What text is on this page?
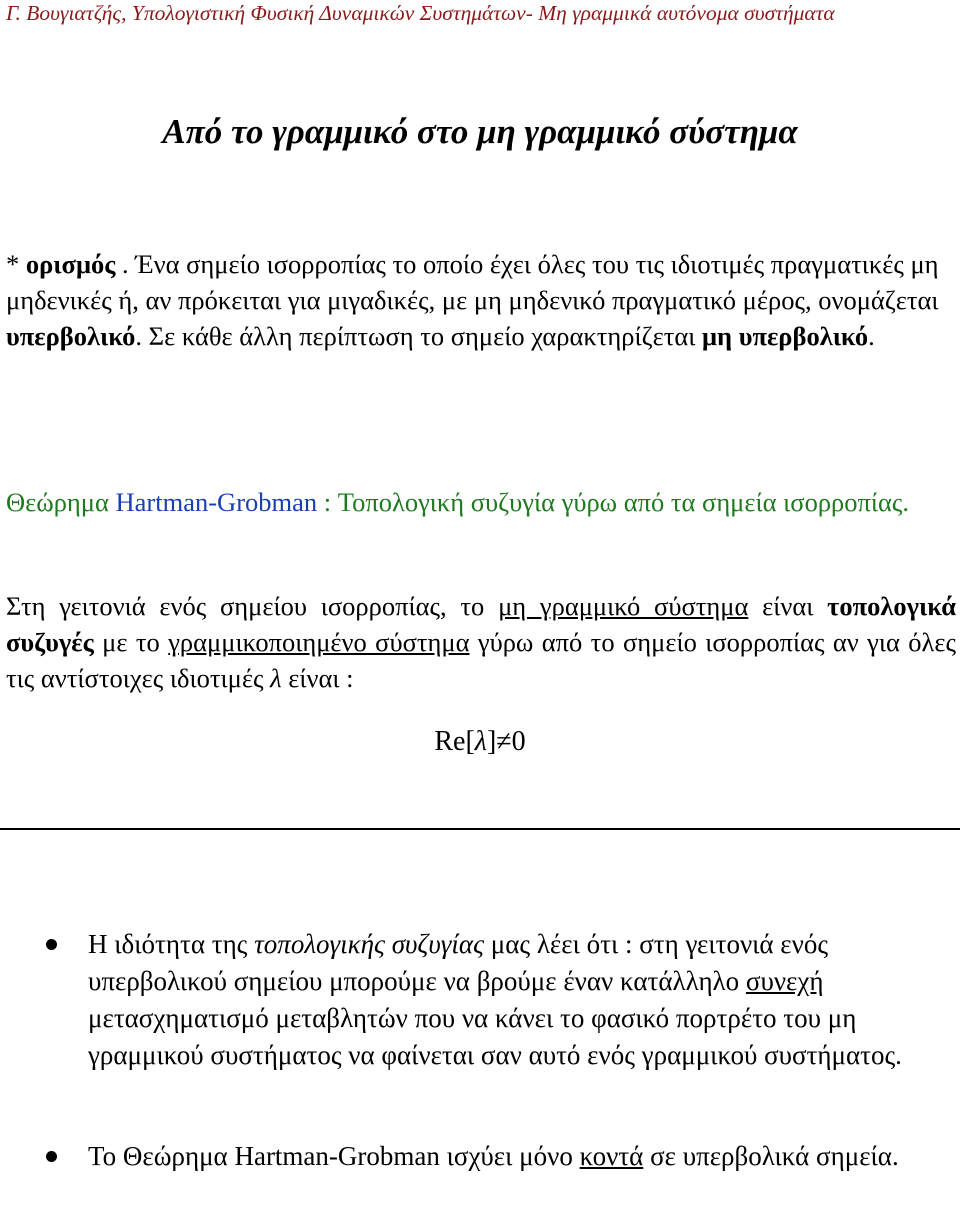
Γ. Βουγιατζής, Υπολογιστική Φυσική Δυναμικών Συστημάτων- Μη γραμμικά αυτόνομα συστήματα
Από το γραμμικό στο μη γραμμικό σύστημα
* ορισμός . Ένα σημείο ισορροπίας το οποίο έχει όλες του τις ιδιοτιμές πραγματικές μη μηδενικές ή, αν πρόκειται για μιγαδικές, με μη μηδενικό πραγματικό μέρος, ονομάζεται υπερβολικό. Σε κάθε άλλη περίπτωση το σημείο χαρακτηρίζεται μη υπερβολικό.
Θεώρημα Hartman-Grobman : Τοπολογική συζυγία γύρω από τα σημεία ισορροπίας.
Στη γειτονιά ενός σημείου ισορροπίας, το μη γραμμικό σύστημα είναι τοπολογικά συζυγές με το γραμμικοποιημένο σύστημα γύρω από το σημείο ισορροπίας αν για όλες τις αντίστοιχες ιδιοτιμές λ είναι :
Re[λ]≠0
Η ιδιότητα της τοπολογικής συζυγίας μας λέει ότι : στη γειτονιά ενός υπερβολικού σημείου μπορούμε να βρούμε έναν κατάλληλο συνεχή μετασχηματισμό μεταβλητών που να κάνει το φασικό πορτρέτο του μη γραμμικού συστήματος να φαίνεται σαν αυτό ενός γραμμικού συστήματος.
Το Θεώρημα Hartman-Grobman ισχύει μόνο κοντά σε υπερβολικά σημεία.
